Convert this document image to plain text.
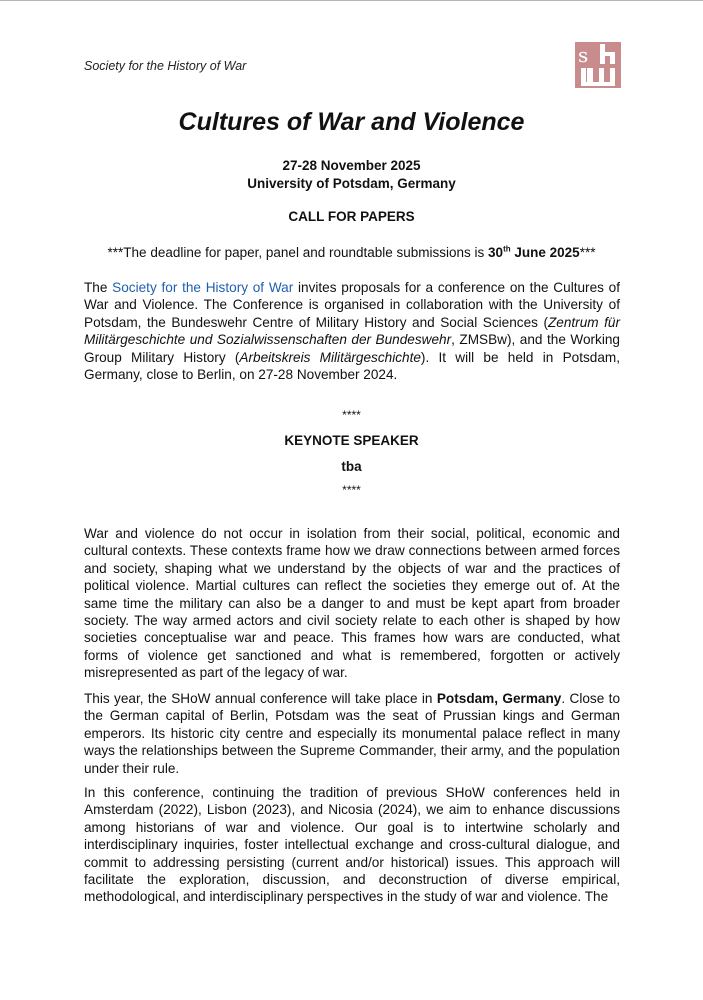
Society for the History of War	s
Cultures of War and Violence
27-28 November 2025
University of Potsdam, Germany
CALL FOR PAPERS
***The deadline for paper, panel and roundtable submissions is 30th June 2025***
The Society for the History of War invites proposals for a conference on the Cultures of War and Violence. The Conference is organised in collaboration with the University of Potsdam, the Bundeswehr Centre of Military History and Social Sciences (Zentrum für Militärgeschichte und Sozialwissenschaften der Bundeswehr, ZMSBw), and the Working Group Military History (Arbeitskreis Militärgeschichte). It will be held in Potsdam, Germany, close to Berlin, on 27-28 November 2024.
****
KEYNOTE SPEAKER
tba
****
War and violence do not occur in isolation from their social, political, economic and cultural contexts. These contexts frame how we draw connections between armed forces and society, shaping what we understand by the objects of war and the practices of political violence. Martial cultures can reflect the societies they emerge out of. At the same time the military can also be a danger to and must be kept apart from broader society. The way armed actors and civil society relate to each other is shaped by how societies conceptualise war and peace. This frames how wars are conducted, what forms of violence get sanctioned and what is remembered, forgotten or actively misrepresented as part of the legacy of war.
This year, the SHoW annual conference will take place in Potsdam, Germany. Close to the German capital of Berlin, Potsdam was the seat of Prussian kings and German emperors. Its historic city centre and especially its monumental palace reflect in many ways the relationships between the Supreme Commander, their army, and the population under their rule.
In this conference, continuing the tradition of previous SHoW conferences held in Amsterdam (2022), Lisbon (2023), and Nicosia (2024), we aim to enhance discussions among historians of war and violence. Our goal is to intertwine scholarly and interdisciplinary inquiries, foster intellectual exchange and cross-cultural dialogue, and commit to addressing persisting (current and/or historical) issues. This approach will facilitate the exploration, discussion, and deconstruction of diverse empirical, methodological, and interdisciplinary perspectives in the study of war and violence. The
